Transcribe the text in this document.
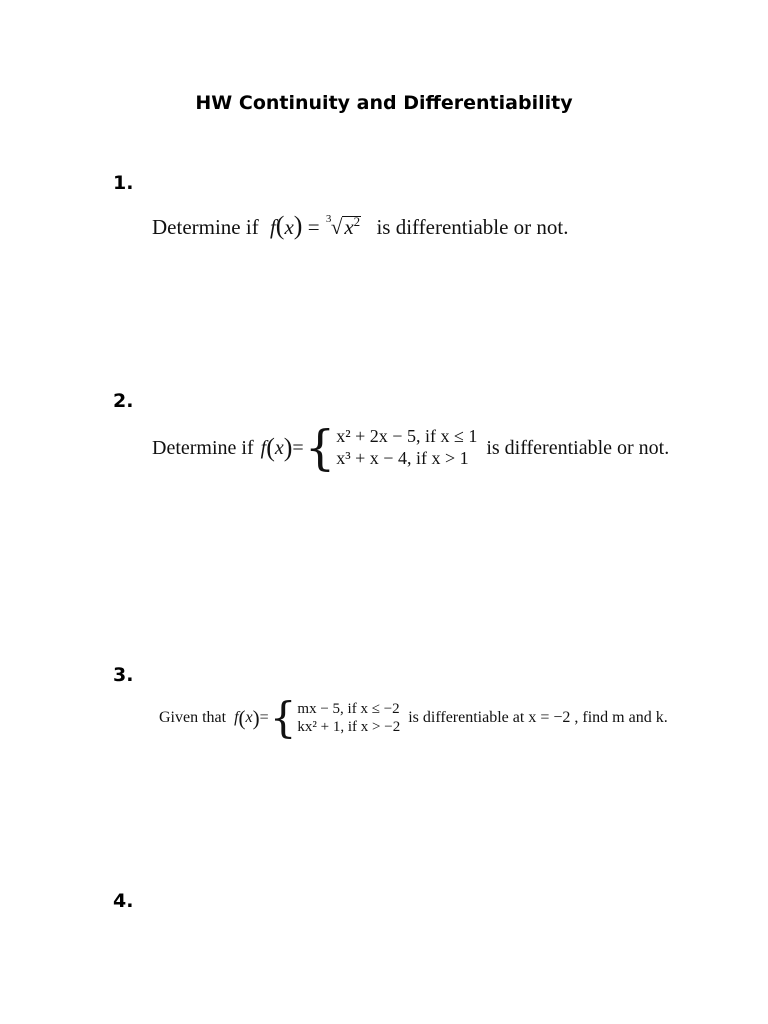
HW Continuity and Differentiability
1.
Determine if f(x) = 3 $√x^2$ is differentiable or not.
2.
Determine if f ( x ) = { x² + 2x − 5, if x ≤ 1
x³ + x − 4, if x > 1 is differentiable or not.
3.
Given that f ( x ) = { mx − 5, if x ≤ −2
kx² + 1, if x > −2
is differentiable at x = −2 , find m and k.
4.
